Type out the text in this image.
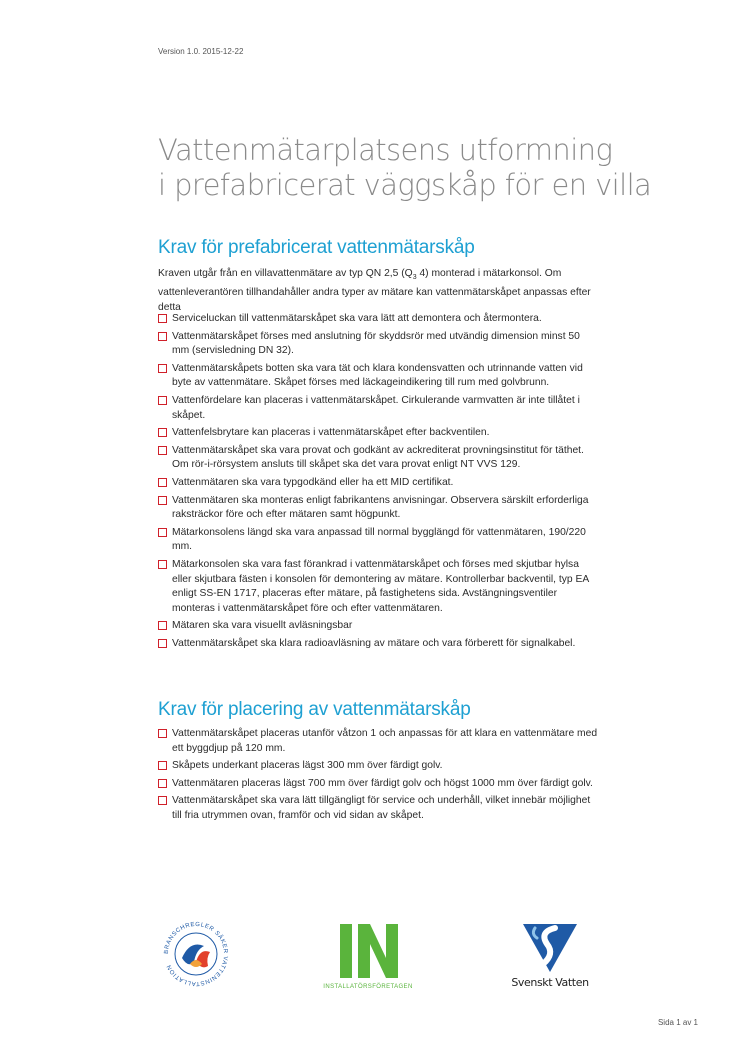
Version 1.0. 2015-12-22
Vattenmätarplatsens utformning
i prefabricerat väggskåp för en villa
Krav för prefabricerat vattenmätarskåp

Kraven utgår från en villavattenmätare av typ QN 2,5 ($Q_3$ 4) monterad i mätarkonsol. Om vattenleverantören tillhandahåller andra typer av mätare kan vattenmätarskåpet anpassas efter detta

Serviceluckan till vattenmätarskåpet ska vara lätt att demontera och återmontera.
Vattenmätarskåpet förses med anslutning för skyddsrör med utvändig dimension minst 50 mm (servisledning DN 32).
Vattenmätarskåpets botten ska vara tät och klara kondensvatten och utrinnande vatten vid byte av vattenmätare. Skåpet förses med läckageindikering till rum med golvbrunn.
Vattenfördelare kan placeras i vattenmätarskåpet. Cirkulerande varmvatten är inte tillåtet i skåpet.
Vattenfelsbrytare kan placeras i vattenmätarskåpet efter backventilen.
Vattenmätarskåpet ska vara provat och godkänt av ackrediterat provningsinstitut för täthet. Om rör-i-rörsystem ansluts till skåpet ska det vara provat enligt NT VVS 129.
Vattenmätaren ska vara typgodkänd eller ha ett MID certifikat.
Vattenmätaren ska monteras enligt fabrikantens anvisningar. Observera särskilt erforderliga raksträckor före och efter mätaren samt högpunkt.
Mätarkonsolens längd ska vara anpassad till normal bygglängd för vattenmätaren, 190/220 mm.
Mätarkonsolen ska vara fast förankrad i vattenmätarskåpet och förses med skjutbar hylsa eller skjutbara fästen i konsolen för demontering av mätare. Kontrollerbar backventil, typ EA enligt SS-EN 1717, placeras efter mätare, på fastighetens sida. Avstängningsventiler monteras i vattenmätarskåpet före och efter vattenmätaren.
Mätaren ska vara visuellt avläsningsbar
Vattenmätarskåpet ska klara radioavläsning av mätare och vara förberett för signalkabel.
Krav för placering av vattenmätarskåp
Vattenmätarskåpet placeras utanför våtzon 1 och anpassas för att klara en vattenmätare med ett byggdjup på 120 mm.
Skåpets underkant placeras lägst 300 mm över färdigt golv.
Vattenmätaren placeras lägst 700 mm över färdigt golv och högst 1000 mm över färdigt golv.
Vattenmätarskåpet ska vara lätt tillgängligt för service och underhåll, vilket innebär möjlighet till fria utrymmen ovan, framför och vid sidan av skåpet.
BRANSCHREGLER SÄKER VATTENINSTALLATION
INSTALLATÖRSFÖRETAGEN	Svenskt Vatten
Sida 1 av 1
